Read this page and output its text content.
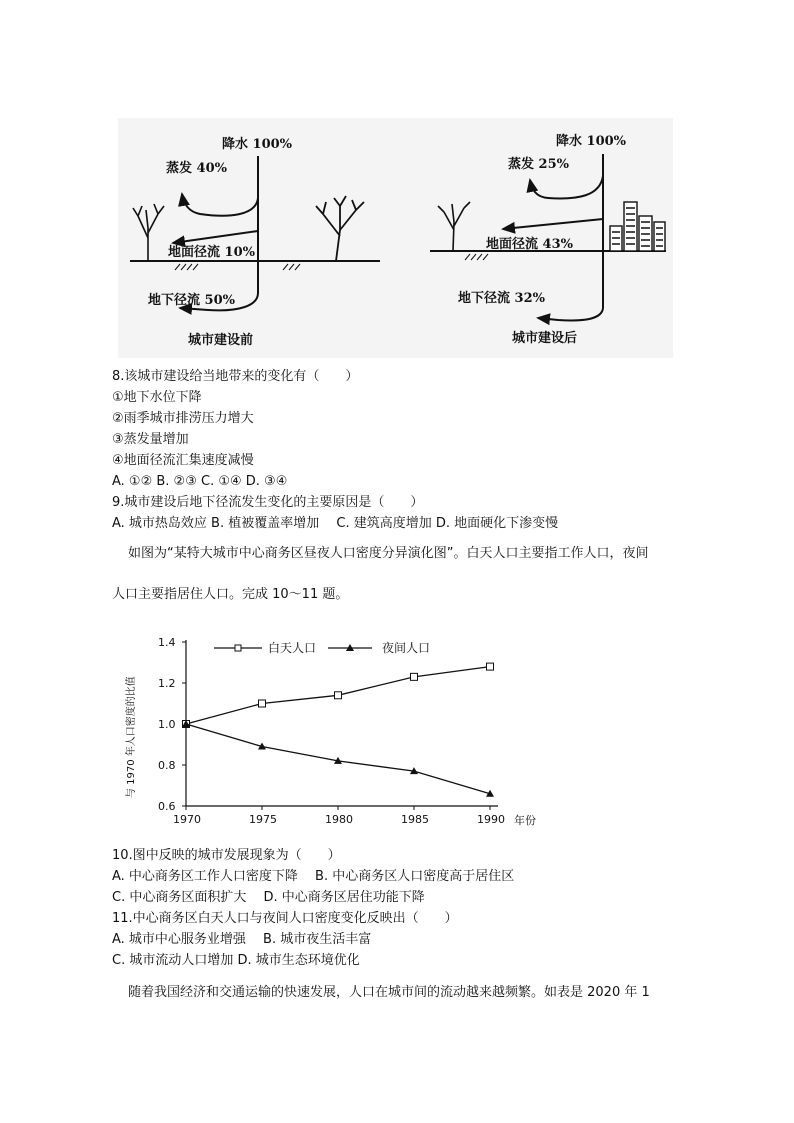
降水 100%
蒸发 40%
地面径流 10%
地下径流 50%
城市建设前
降水 100%
蒸发 25%
地面径流 43%
地下径流 32%
城市建设后
8.该城市建设给当地带来的变化有（　　）
①地下水位下降
②雨季城市排涝压力增大
③蒸发量增加
④地面径流汇集速度减慢
A. ①② B. ②③ C. ①④ D. ③④
9.城市建设后地下径流发生变化的主要原因是（　　）
A. 城市热岛效应 B. 植被覆盖率增加　 C. 建筑高度增加 D. 地面硬化下渗变慢
如图为“某特大城市中心商务区昼夜人口密度分异演化图”。白天人口主要指工作人口，夜间
人口主要指居住人口。完成 10～11 题。
与 1970 年人口密度的比值
年份
白天人口	夜间人口
0.6
0.8
1.0
1.2
1.4
1970	1975	1980	1985	1990
10.图中反映的城市发展现象为（　　）
A. 中心商务区工作人口密度下降　 B. 中心商务区人口密度高于居住区
C. 中心商务区面积扩大　 D. 中心商务区居住功能下降
11.中心商务区白天人口与夜间人口密度变化反映出（　　）
A. 城市中心服务业增强　 B. 城市夜生活丰富
C. 城市流动人口增加 D. 城市生态环境优化
随着我国经济和交通运输的快速发展，人口在城市间的流动越来越频繁。如表是 2020 年 1
